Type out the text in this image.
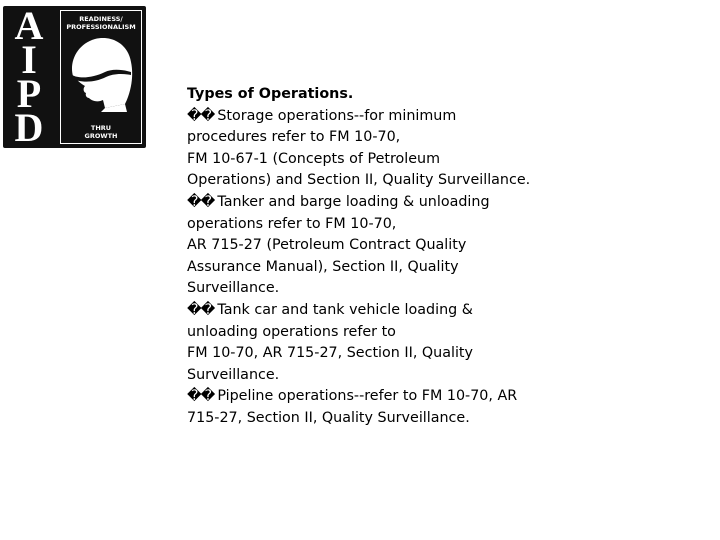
A
I
P
D
READINESS/
PROFESSIONALISM
THRU
GROWTH
Types of Operations.
�� Storage operations--for minimum
procedures refer to FM 10-70,
FM 10-67-1 (Concepts of Petroleum
Operations) and Section II, Quality Surveillance.
�� Tanker and barge loading & unloading
operations refer to FM 10-70,
AR 715-27 (Petroleum Contract Quality
Assurance Manual), Section II, Quality
Surveillance.
�� Tank car and tank vehicle loading &
unloading operations refer to
FM 10-70, AR 715-27, Section II, Quality
Surveillance.
�� Pipeline operations--refer to FM 10-70, AR
715-27, Section II, Quality Surveillance.
